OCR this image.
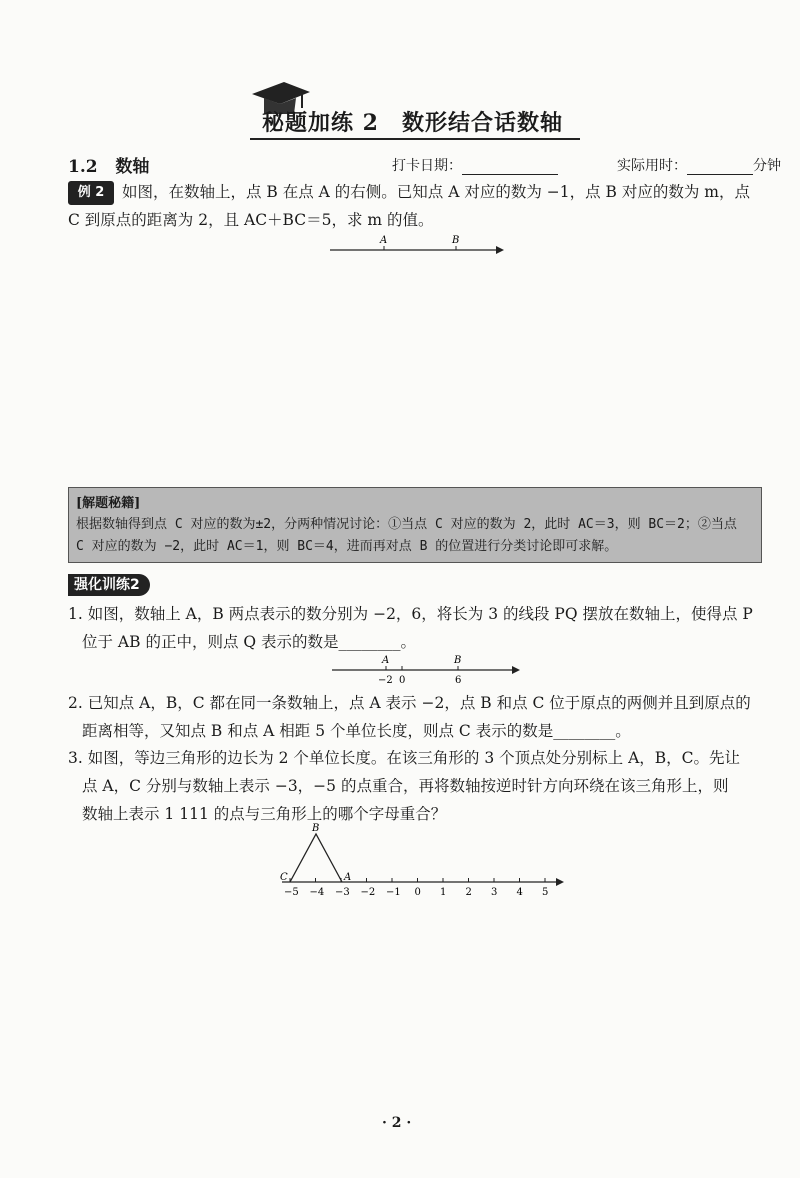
秘题加练 2　数形结合话数轴
1.2 数轴	打卡日期：	实际用时：	分钟
例 2	如图，在数轴上，点 B 在点 A 的右侧。已知点 A 对应的数为 −1，点 B 对应的数为 m，点
C 到原点的距离为 2，且 AC＋BC＝5，求 m 的值。
A	B
[解题秘籍]
根据数轴得到点 C 对应的数为±2，分两种情况讨论：①当点 C 对应的数为 2，此时 AC＝3，则 BC＝2；②当点 C 对应的数为 −2，此时 AC＝1，则 BC＝4，进而再对点 B 的位置进行分类讨论即可求解。
强化训练2
1. 如图，数轴上 A，B 两点表示的数分别为 −2，6，将长为 3 的线段 PQ 摆放在数轴上，使得点 P
位于 AB 的正中，则点 Q 表示的数是________。
A	B
−2 0	6
2. 已知点 A，B，C 都在同一条数轴上，点 A 表示 −2，点 B 和点 C 位于原点的两侧并且到原点的
距离相等，又知点 B 和点 A 相距 5 个单位长度，则点 C 表示的数是________。
3. 如图，等边三角形的边长为 2 个单位长度。在该三角形的 3 个顶点处分别标上 A，B，C。先让
点 A，C 分别与数轴上表示 −3，−5 的点重合，再将数轴按逆时针方向环绕在该三角形上，则
数轴上表示 1 111 的点与三角形上的哪个字母重合？
−5 −4 −3 −2 −1 0 1 2 3 4 5
B
C	A
· 2 ·
